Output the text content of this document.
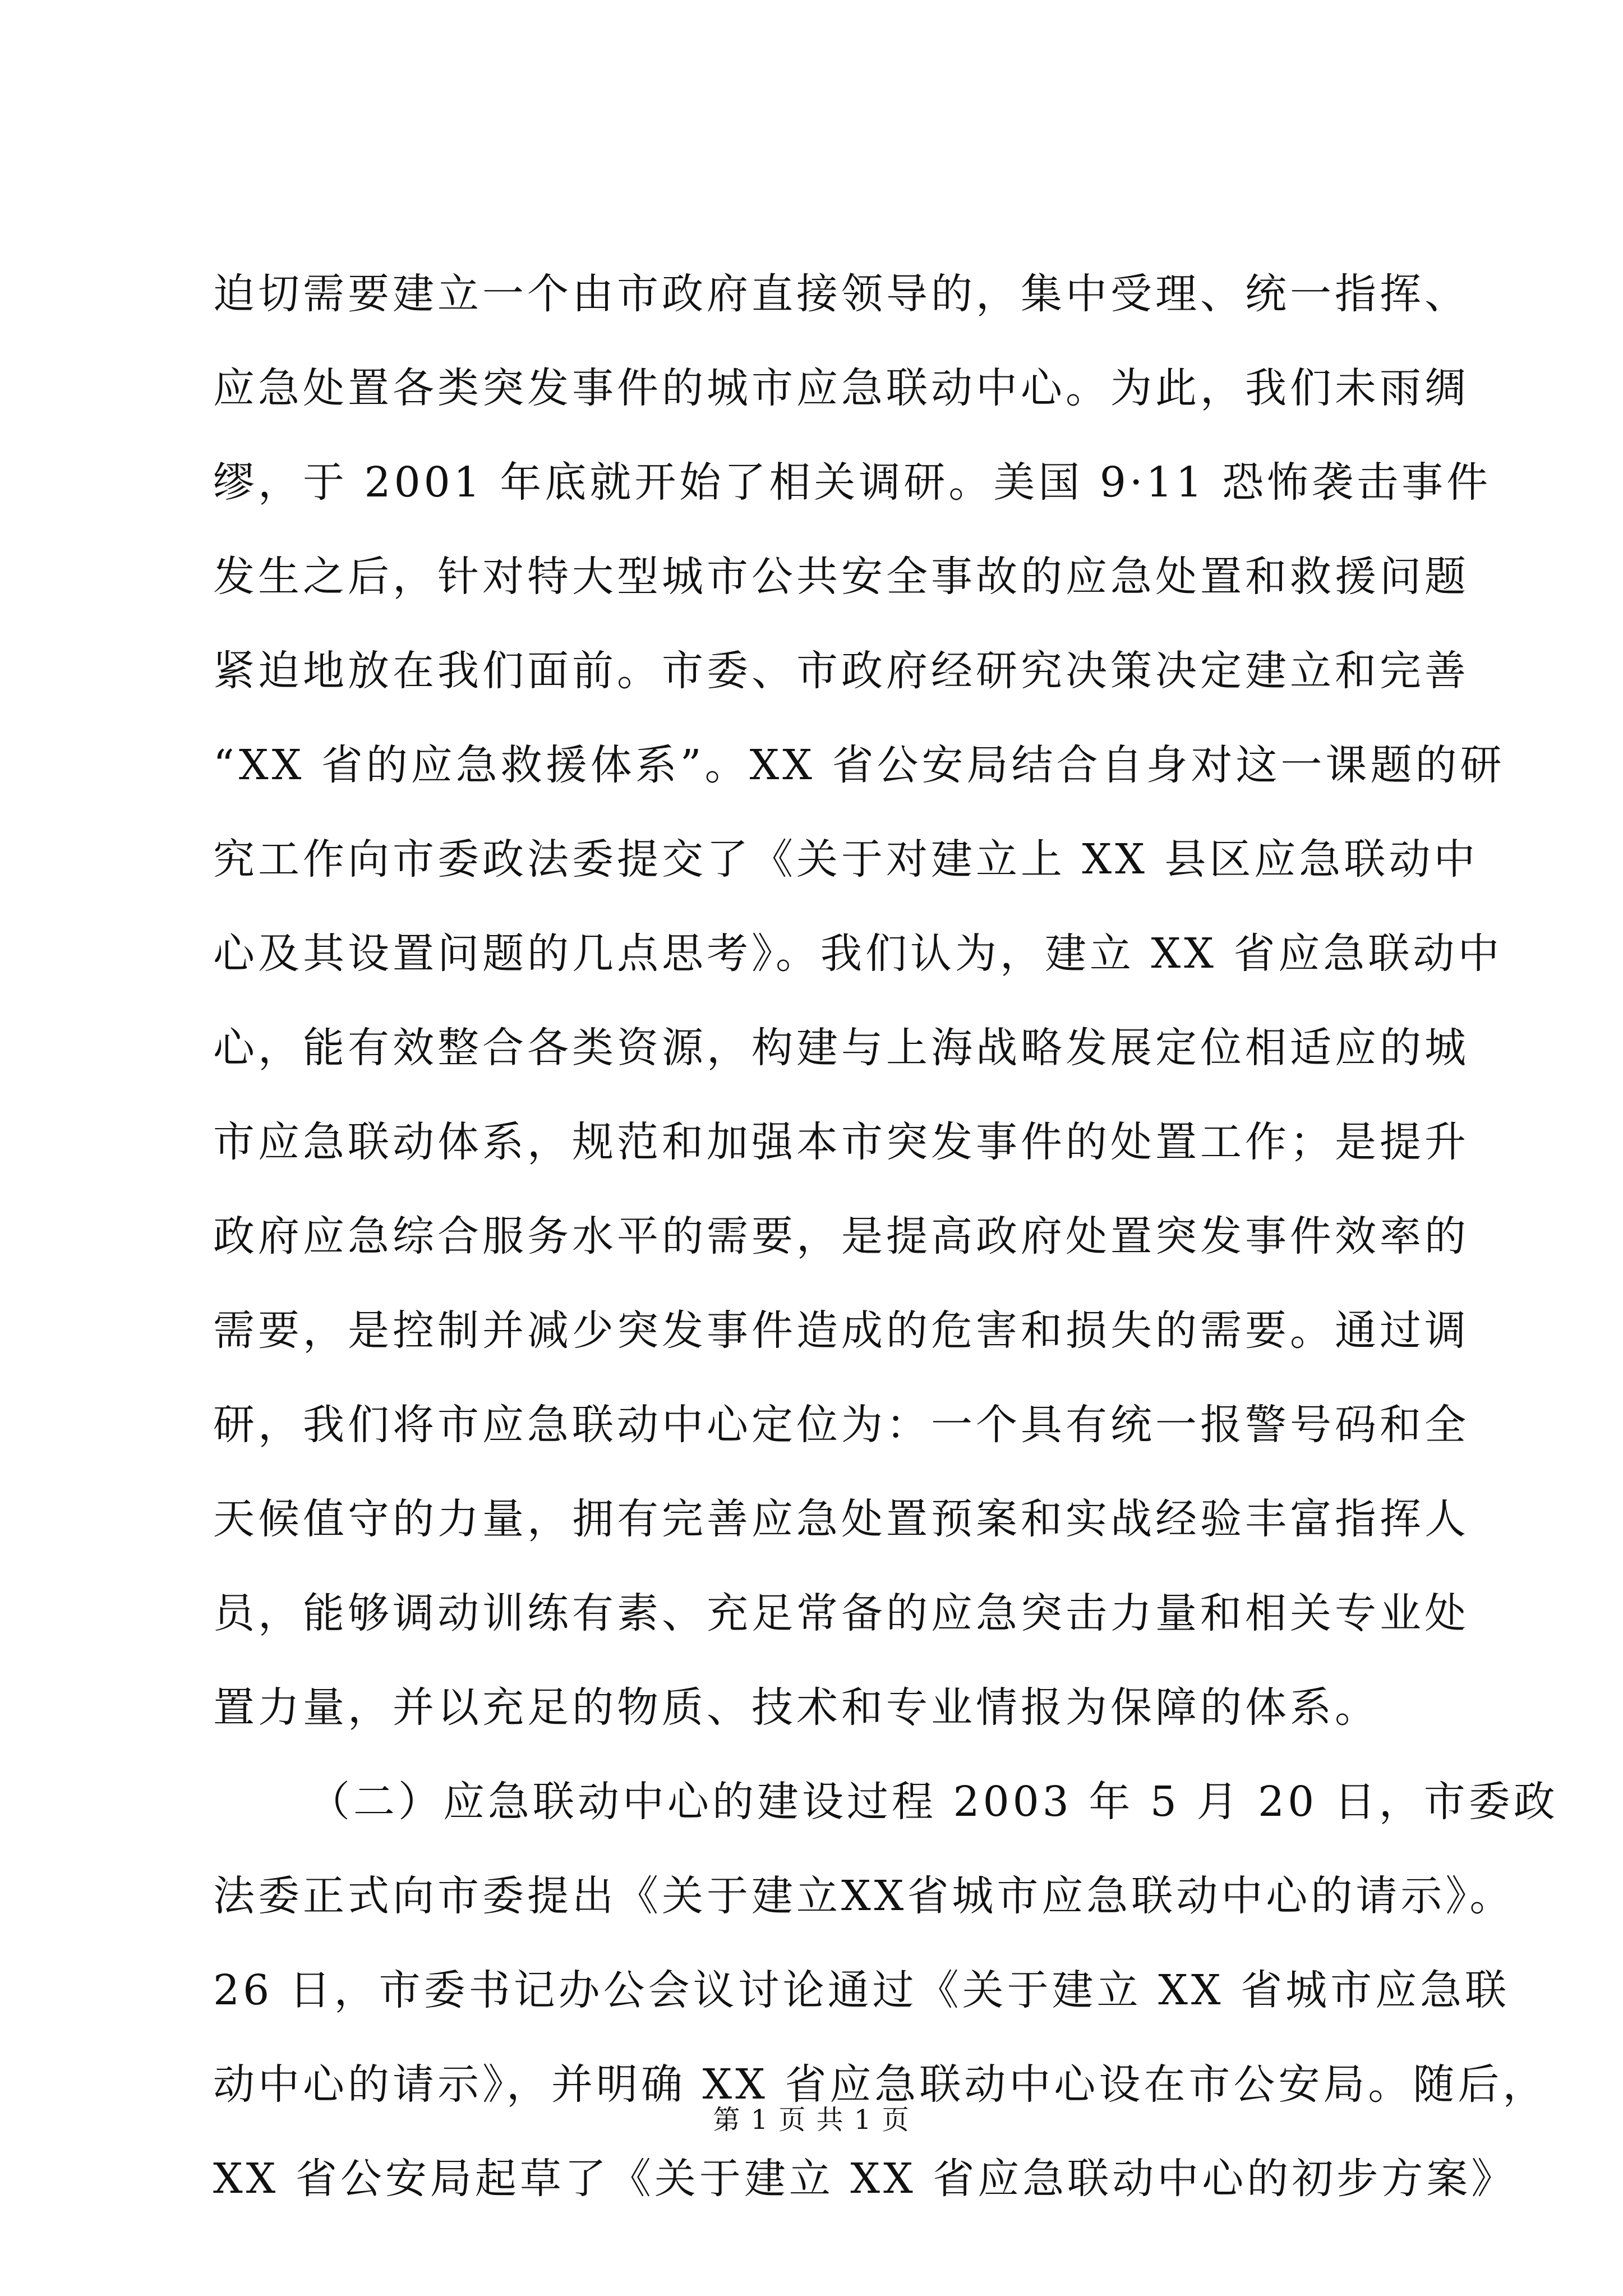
迫切需要建立一个由市政府直接领导的，集中受理、统一指挥、
应急处置各类突发事件的城市应急联动中心。为此，我们未雨绸
缪，于 2001 年底就开始了相关调研。美国 9·11 恐怖袭击事件
发生之后，针对特大型城市公共安全事故的应急处置和救援问题
紧迫地放在我们面前。市委、市政府经研究决策决定建立和完善
“XX 省的应急救援体系”。XX 省公安局结合自身对这一课题的研
究工作向市委政法委提交了《关于对建立上 XX 县区应急联动中
心及其设置问题的几点思考》。我们认为，建立 XX 省应急联动中
心，能有效整合各类资源，构建与上海战略发展定位相适应的城
市应急联动体系，规范和加强本市突发事件的处置工作；是提升
政府应急综合服务水平的需要，是提高政府处置突发事件效率的
需要，是控制并减少突发事件造成的危害和损失的需要。通过调
研，我们将市应急联动中心定位为：一个具有统一报警号码和全
天候值守的力量，拥有完善应急处置预案和实战经验丰富指挥人
员，能够调动训练有素、充足常备的应急突击力量和相关专业处
置力量，并以充足的物质、技术和专业情报为保障的体系。
（二）应急联动中心的建设过程 2003 年 5 月 20 日，市委政
法委正式向市委提出《关于建立XX省城市应急联动中心的请示》。
26 日，市委书记办公会议讨论通过《关于建立 XX 省城市应急联
动中心的请示》，并明确 XX 省应急联动中心设在市公安局。随后，
XX 省公安局起草了《关于建立 XX 省应急联动中心的初步方案》
第 1 页 共 1 页
